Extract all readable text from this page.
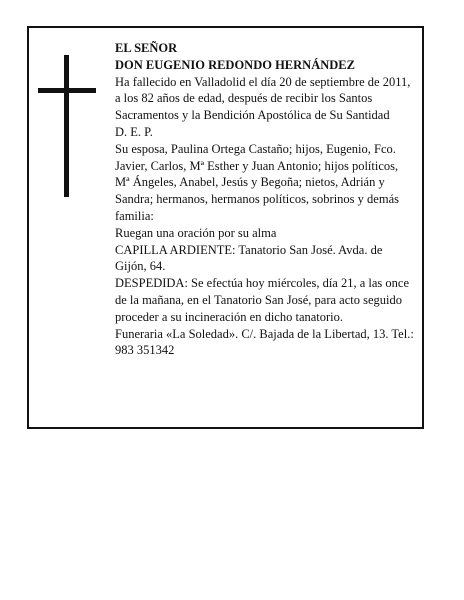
EL SEÑOR

DON EUGENIO REDONDO HERNÁNDEZ

Ha fallecido en Valladolid el día 20 de septiembre de 2011, a los 82 años de edad, después de recibir los Santos Sacramentos y la Bendición Apostólica de Su Santidad

D. E. P.

Su esposa, Paulina Ortega Castaño; hijos, Eugenio, Fco. Javier, Carlos, Mª Esther y Juan Antonio; hijos políticos, Mª Ángeles, Anabel, Jesús y Begoña; nietos, Adrián y Sandra; hermanos, hermanos políticos, sobrinos y demás familia:

Ruegan una oración por su alma

CAPILLA ARDIENTE: Tanatorio San José. Avda. de Gijón, 64.

DESPEDIDA: Se efectúa hoy miércoles, día 21, a las once de la mañana, en el Tanatorio San José, para acto seguido proceder a su incineración en dicho tanatorio.

Funeraria «La Soledad». C/. Bajada de la Libertad, 13. Tel.: 983 351342
